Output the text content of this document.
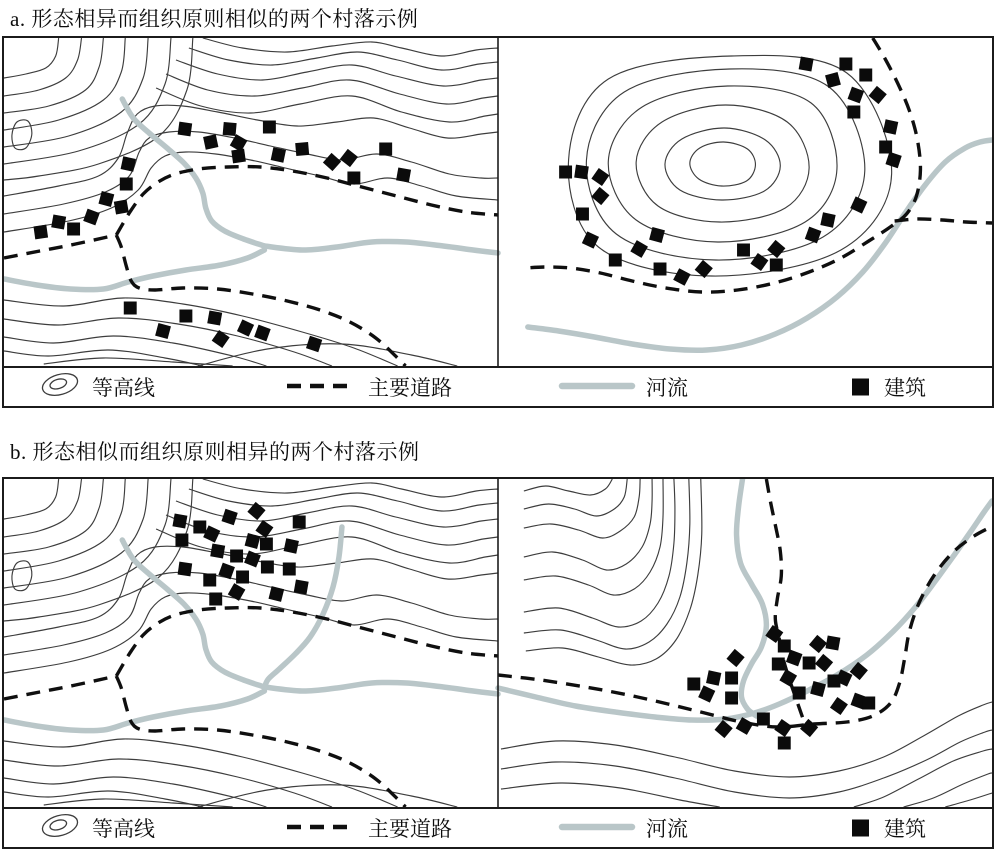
a. 形态相异而组织原则相似的两个村落示例
等高线	主要道路	河流	建筑
b. 形态相似而组织原则相异的两个村落示例
等高线	主要道路	河流	建筑
